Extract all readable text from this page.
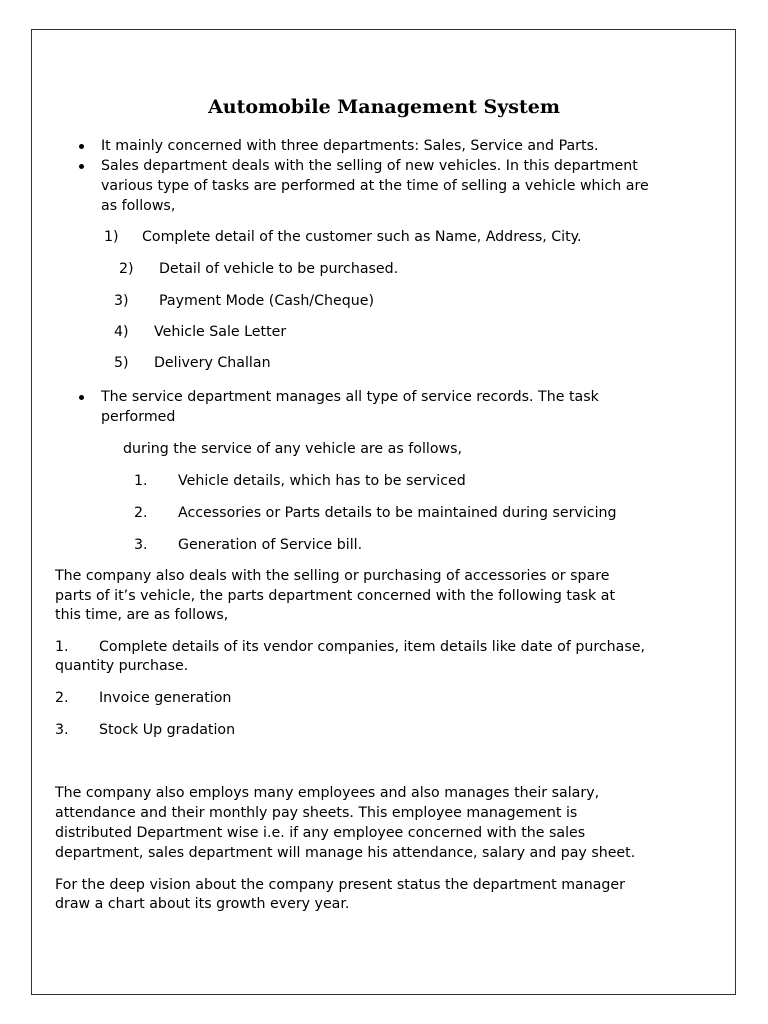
Automobile Management System
It mainly concerned with three departments: Sales, Service and Parts.
Sales department deals with the selling of new vehicles. In this department
various type of tasks are performed at the time of selling a vehicle which are
as follows,
1) Complete detail of the customer such as Name, Address, City.
2) Detail of vehicle to be purchased.
3) Payment Mode (Cash/Cheque)
4) Vehicle Sale Letter
5) Delivery Challan
The service department manages all type of service records. The task
performed
during the service of any vehicle are as follows,
1. Vehicle details, which has to be serviced
2. Accessories or Parts details to be maintained during servicing
3. Generation of Service bill.
The company also deals with the selling or purchasing of accessories or spare
parts of it’s vehicle, the parts department concerned with the following task at
this time, are as follows,
1. Complete details of its vendor companies, item details like date of purchase,
quantity purchase.
2. Invoice generation
3. Stock Up gradation
The company also employs many employees and also manages their salary,
attendance and their monthly pay sheets. This employee management is
distributed Department wise i.e. if any employee concerned with the sales
department, sales department will manage his attendance, salary and pay sheet.
For the deep vision about the company present status the department manager
draw a chart about its growth every year.
